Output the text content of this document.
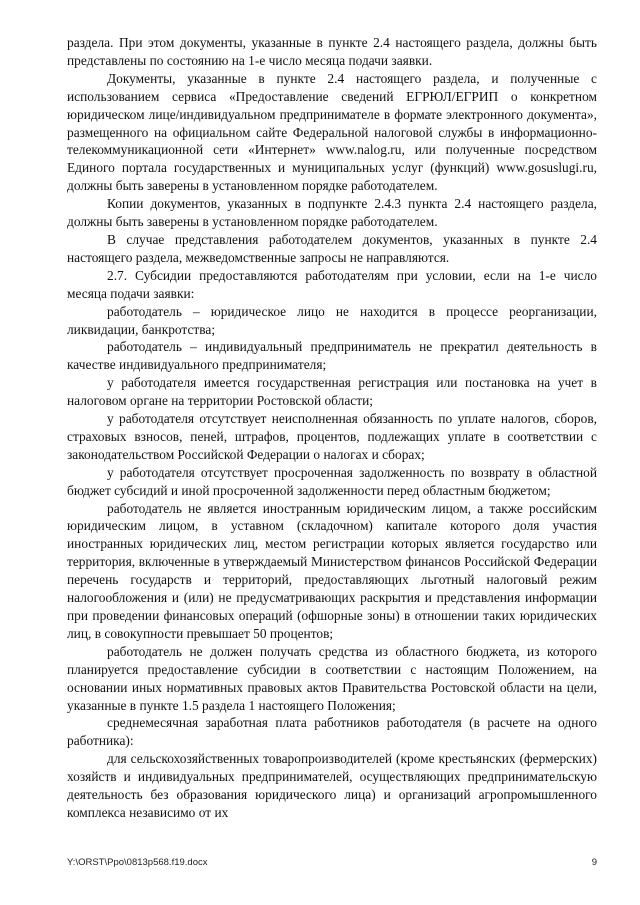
раздела. При этом документы, указанные в пункте 2.4 настоящего раздела, должны быть представлены по состоянию на 1-е число месяца подачи заявки.

Документы, указанные в пункте 2.4 настоящего раздела, и полученные с использованием сервиса «Предоставление сведений ЕГРЮЛ/ЕГРИП о конкретном юридическом лице/индивидуальном предпринимателе в формате электронного документа», размещенного на официальном сайте Федеральной налоговой службы в информационно-телекоммуникационной сети «Интернет» www.nalog.ru, или полученные посредством Единого портала государственных и муниципальных услуг (функций) www.gosuslugi.ru, должны быть заверены в установленном порядке работодателем.

Копии документов, указанных в подпункте 2.4.3 пункта 2.4 настоящего раздела, должны быть заверены в установленном порядке работодателем.

В случае представления работодателем документов, указанных в пункте 2.4 настоящего раздела, межведомственные запросы не направляются.

2.7. Субсидии предоставляются работодателям при условии, если на 1-е число месяца подачи заявки:

работодатель – юридическое лицо не находится в процессе реорганизации, ликвидации, банкротства;

работодатель – индивидуальный предприниматель не прекратил деятельность в качестве индивидуального предпринимателя;

у работодателя имеется государственная регистрация или постановка на учет в налоговом органе на территории Ростовской области;

у работодателя отсутствует неисполненная обязанность по уплате налогов, сборов, страховых взносов, пеней, штрафов, процентов, подлежащих уплате в соответствии с законодательством Российской Федерации о налогах и сборах;

у работодателя отсутствует просроченная задолженность по возврату в областной бюджет субсидий и иной просроченной задолженности перед областным бюджетом;

работодатель не является иностранным юридическим лицом, а также российским юридическим лицом, в уставном (складочном) капитале которого доля участия иностранных юридических лиц, местом регистрации которых является государство или территория, включенные в утверждаемый Министерством финансов Российской Федерации перечень государств и территорий, предоставляющих льготный налоговый режим налогообложения и (или) не предусматривающих раскрытия и представления информации при проведении финансовых операций (офшорные зоны) в отношении таких юридических лиц, в совокупности превышает 50 процентов;

работодатель не должен получать средства из областного бюджета, из которого планируется предоставление субсидии в соответствии с настоящим Положением, на основании иных нормативных правовых актов Правительства Ростовской области на цели, указанные в пункте 1.5 раздела 1 настоящего Положения;

среднемесячная заработная плата работников работодателя (в расчете на одного работника):

для сельскохозяйственных товаропроизводителей (кроме крестьянских (фермерских) хозяйств и индивидуальных предпринимателей, осуществляющих предпринимательскую деятельность без образования юридического лица) и организаций агропромышленного комплекса независимо от их

Y:\ORST\Ppo\0813p568.f19.docx	9
